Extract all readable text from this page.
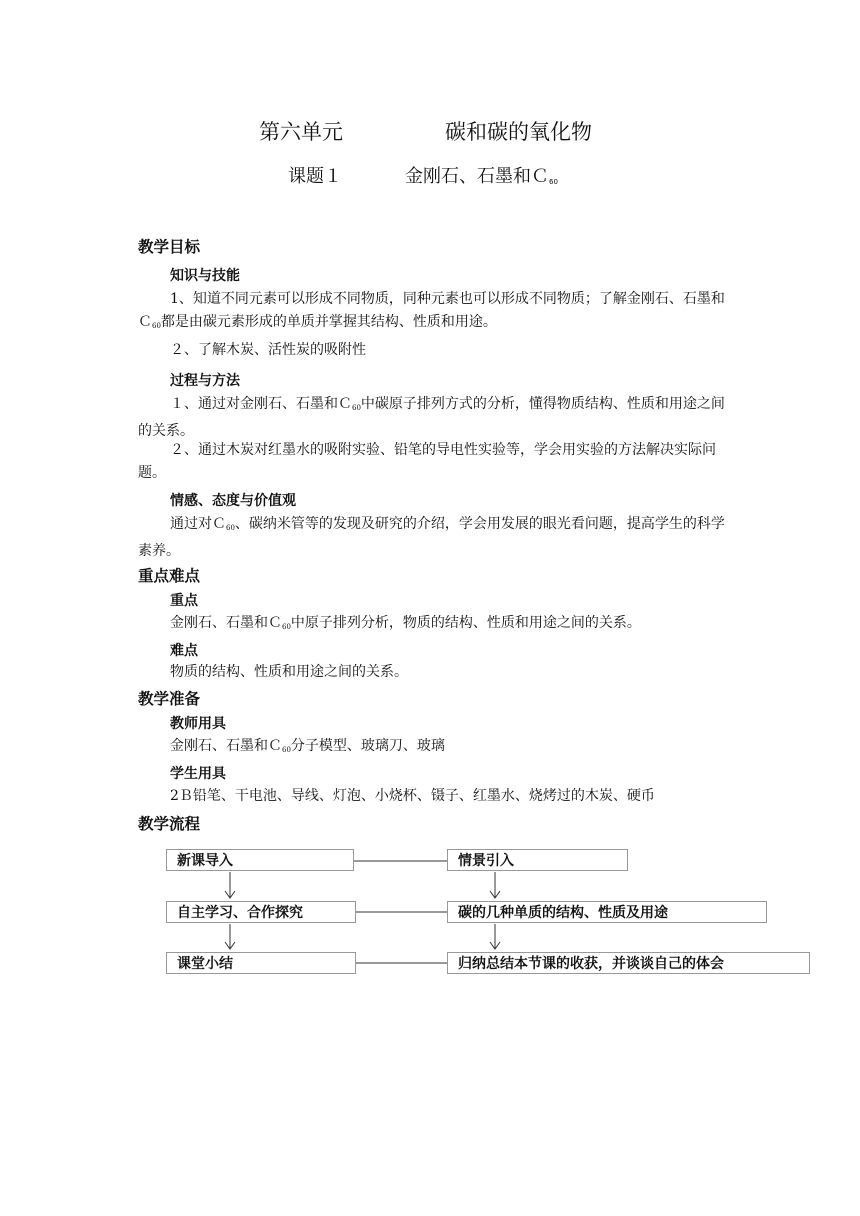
第六单元	碳和碳的氧化物
课题１	金刚石、石墨和Ｃ$_{60}$
教学目标
知识与技能
1、知道不同元素可以形成不同物质，同种元素也可以形成不同物质；了解金刚石、石墨和Ｃ$_{60}$都是由碳元素形成的单质并掌握其结构、性质和用途。
２、了解木炭、活性炭的吸附性
过程与方法
１、通过对金刚石、石墨和Ｃ$_{60}$中碳原子排列方式的分析，懂得物质结构、性质和用途之间的关系。
２、通过木炭对红墨水的吸附实验、铅笔的导电性实验等，学会用实验的方法解决实际问题。
情感、态度与价值观
通过对Ｃ$_{60}$、碳纳米管等的发现及研究的介绍，学会用发展的眼光看问题，提高学生的科学素养。
重点难点
重点
金刚石、石墨和Ｃ$_{60}$中原子排列分析，物质的结构、性质和用途之间的关系。
难点
物质的结构、性质和用途之间的关系。
教学准备
教师用具
金刚石、石墨和Ｃ$_{60}$分子模型、玻璃刀、玻璃
学生用具
2Ｂ铅笔、干电池、导线、灯泡、小烧杯、镊子、红墨水、烧烤过的木炭、硬币
教学流程
新课导入	情景引入
自主学习、合作探究	碳的几种单质的结构、性质及用途
课堂小结	归纳总结本节课的收获，并谈谈自己的体会
